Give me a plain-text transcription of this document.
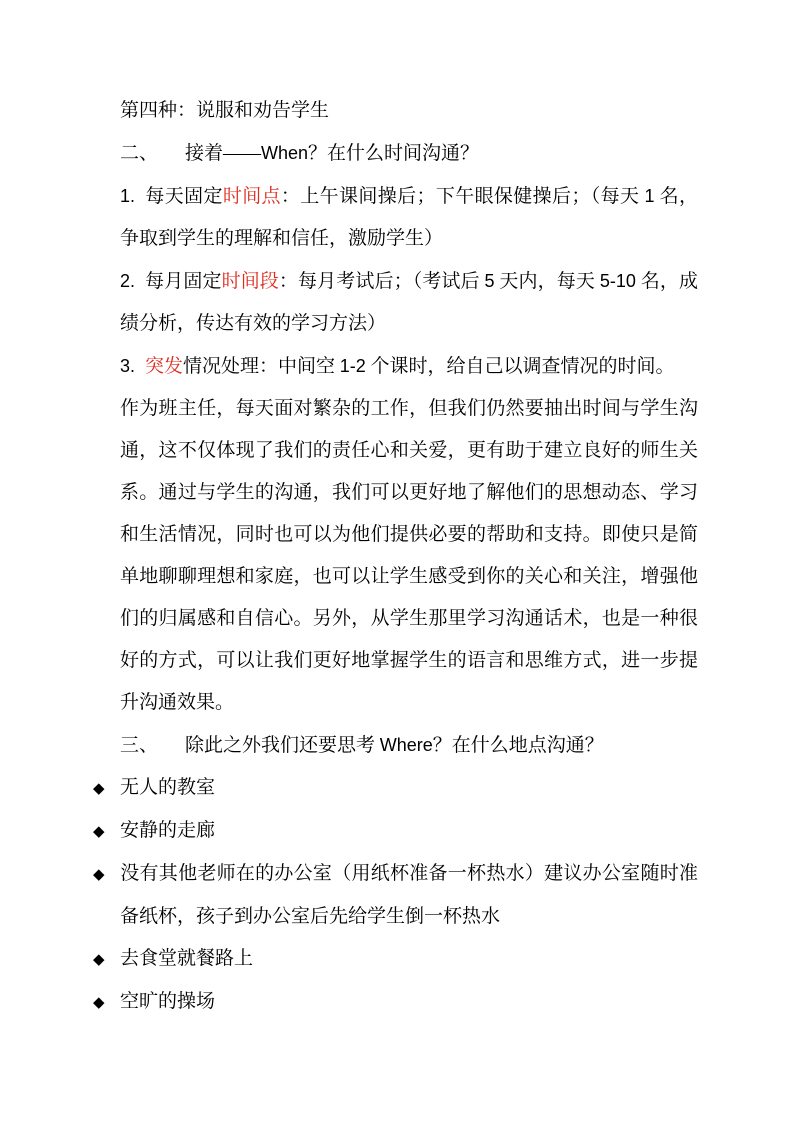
第四种：说服和劝告学生

二、 接着——When？在什么时间沟通？

1. 每天固定时间点：上午课间操后；下午眼保健操后；（每天 1 名，争取到学生的理解和信任，激励学生）

2. 每月固定时间段：每月考试后；（考试后 5 天内，每天 5-10 名，成绩分析，传达有效的学习方法）

3. 突发情况处理：中间空 1-2 个课时，给自己以调查情况的时间。

作为班主任，每天面对繁杂的工作，但我们仍然要抽出时间与学生沟通，这不仅体现了我们的责任心和关爱，更有助于建立良好的师生关系。通过与学生的沟通，我们可以更好地了解他们的思想动态、学习和生活情况，同时也可以为他们提供必要的帮助和支持。即使只是简单地聊聊理想和家庭，也可以让学生感受到你的关心和关注，增强他们的归属感和自信心。另外，从学生那里学习沟通话术，也是一种很好的方式，可以让我们更好地掌握学生的语言和思维方式，进一步提升沟通效果。

三、 除此之外我们还要思考 Where？在什么地点沟通？

◆ 无人的教室

◆ 安静的走廊

◆ 没有其他老师在的办公室（用纸杯准备一杯热水）建议办公室随时准备纸杯，孩子到办公室后先给学生倒一杯热水

◆ 去食堂就餐路上

◆ 空旷的操场
